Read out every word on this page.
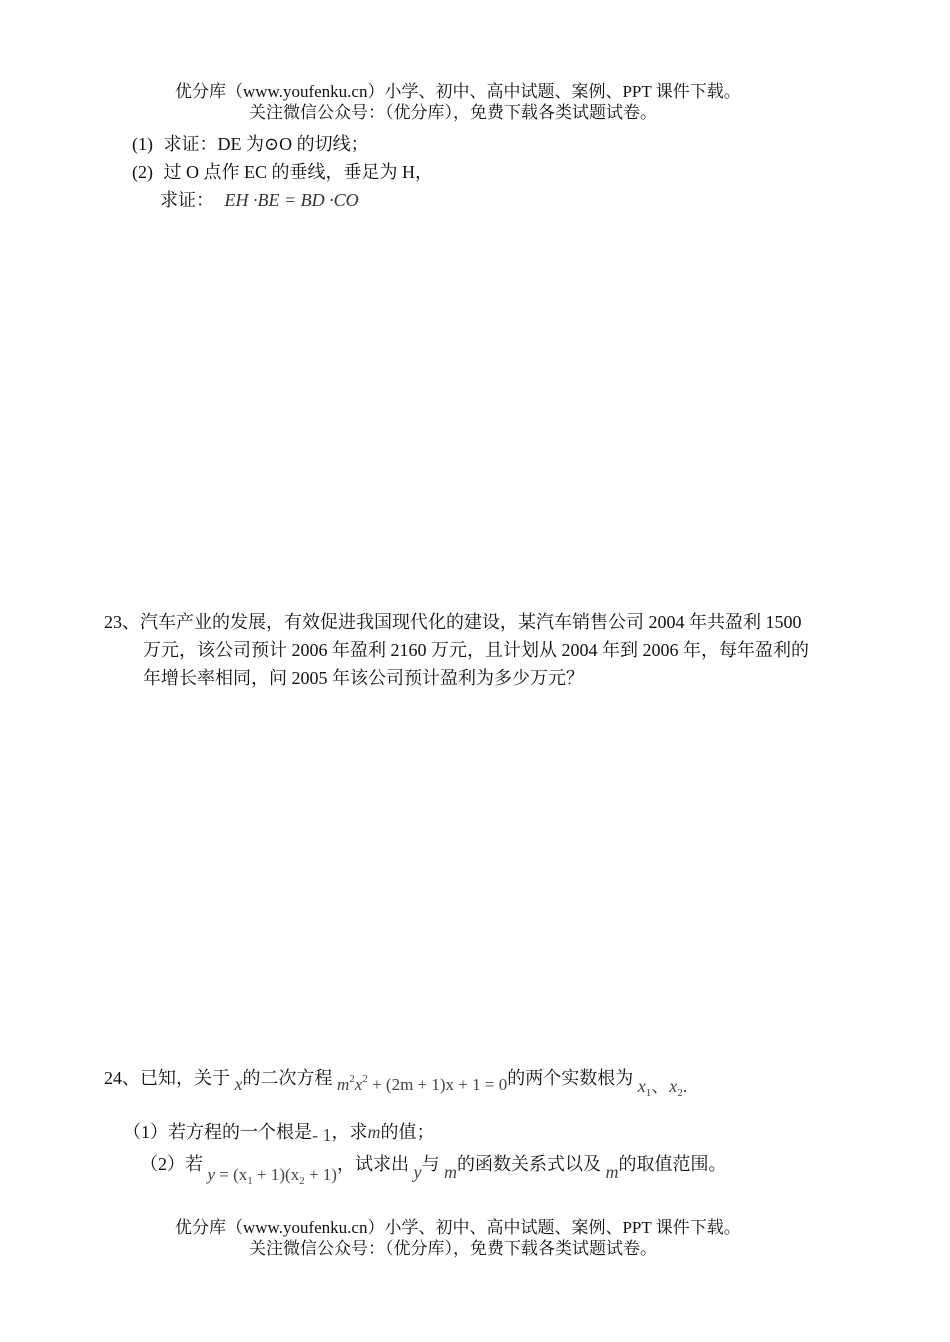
优分库（www.youfenku.cn）小学、初中、高中试题、案例、PPT 课件下载。
关注微信公众号：（优分库），免费下载各类试题试卷。
(1) 求证：DE 为⊙O 的切线；
(2) 过 O 点作 EC 的垂线，垂足为 H，
求证： EH ·BE = BD ·CO
23、汽车产业的发展，有效促进我国现代化的建设，某汽车销售公司 2004 年共盈利 1500
万元，该公司预计 2006 年盈利 2160 万元，且计划从 2004 年到 2006 年，每年盈利的
年增长率相同，问 2005 年该公司预计盈利为多少万元？
24、已知，关于 x的二次方程 $m^2x^2 + (2m + 1)x + 1 = 0$的两个实数根为 $x_1$、$x_2$.
（1）若方程的一个根是- 1，求m的值；
（2）若 $y = (x_1 + 1)(x_2 + 1)$，试求出 y与 m的函数关系式以及 m的取值范围。
优分库（www.youfenku.cn）小学、初中、高中试题、案例、PPT 课件下载。
关注微信公众号：（优分库），免费下载各类试题试卷。
